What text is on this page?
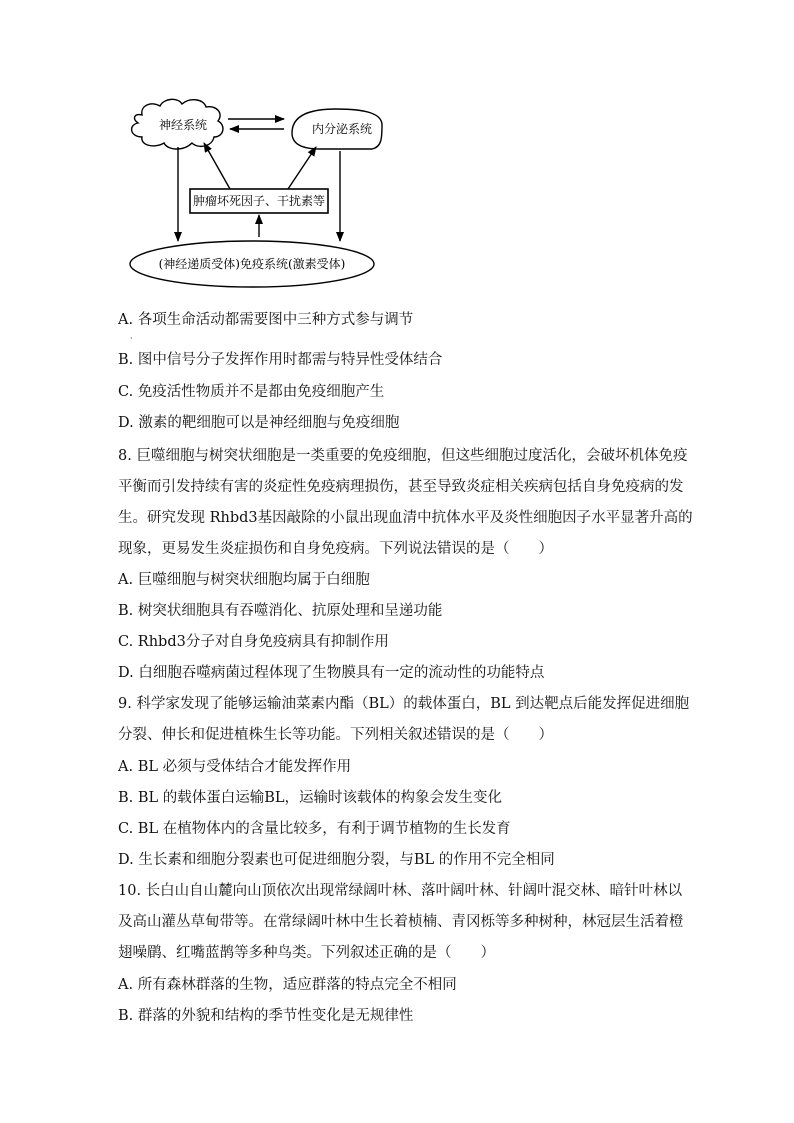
神经系统	内分泌系统
肿瘤坏死因子、干扰素等
(神经递质受体)免疫系统(激素受体)
A. 各项生命活动都需要图中三种方式参与调节
·
B. 图中信号分子发挥作用时都需与特异性受体结合
C. 免疫活性物质并不是都由免疫细胞产生
D. 激素的靶细胞可以是神经细胞与免疫细胞
8. 巨噬细胞与树突状细胞是一类重要的免疫细胞，但这些细胞过度活化，会破坏机体免疫
平衡而引发持续有害的炎症性免疫病理损伤，甚至导致炎症相关疾病包括自身免疫病的发
生。研究发现 Rhbd3基因敲除的小鼠出现血清中抗体水平及炎性细胞因子水平显著升高的
现象，更易发生炎症损伤和自身免疫病。下列说法错误的是（　　）
A. 巨噬细胞与树突状细胞均属于白细胞
B. 树突状细胞具有吞噬消化、抗原处理和呈递功能
C. Rhbd3分子对自身免疫病具有抑制作用
D. 白细胞吞噬病菌过程体现了生物膜具有一定的流动性的功能特点
9. 科学家发现了能够运输油菜素内酯（BL）的载体蛋白，BL 到达靶点后能发挥促进细胞
分裂、伸长和促进植株生长等功能。下列相关叙述错误的是（　　）
A. BL 必须与受体结合才能发挥作用
B. BL 的载体蛋白运输BL，运输时该载体的构象会发生变化
C. BL 在植物体内的含量比较多，有利于调节植物的生长发育
D. 生长素和细胞分裂素也可促进细胞分裂，与BL 的作用不完全相同
10. 长白山自山麓向山顶依次出现常绿阔叶林、落叶阔叶林、针阔叶混交林、暗针叶林以
及高山灌丛草甸带等。在常绿阔叶林中生长着桢楠、青冈栎等多种树种，林冠层生活着橙
翅噪鹛、红嘴蓝鹊等多种鸟类。下列叙述正确的是（　　）
A. 所有森林群落的生物，适应群落的特点完全不相同
B. 群落的外貌和结构的季节性变化是无规律性
